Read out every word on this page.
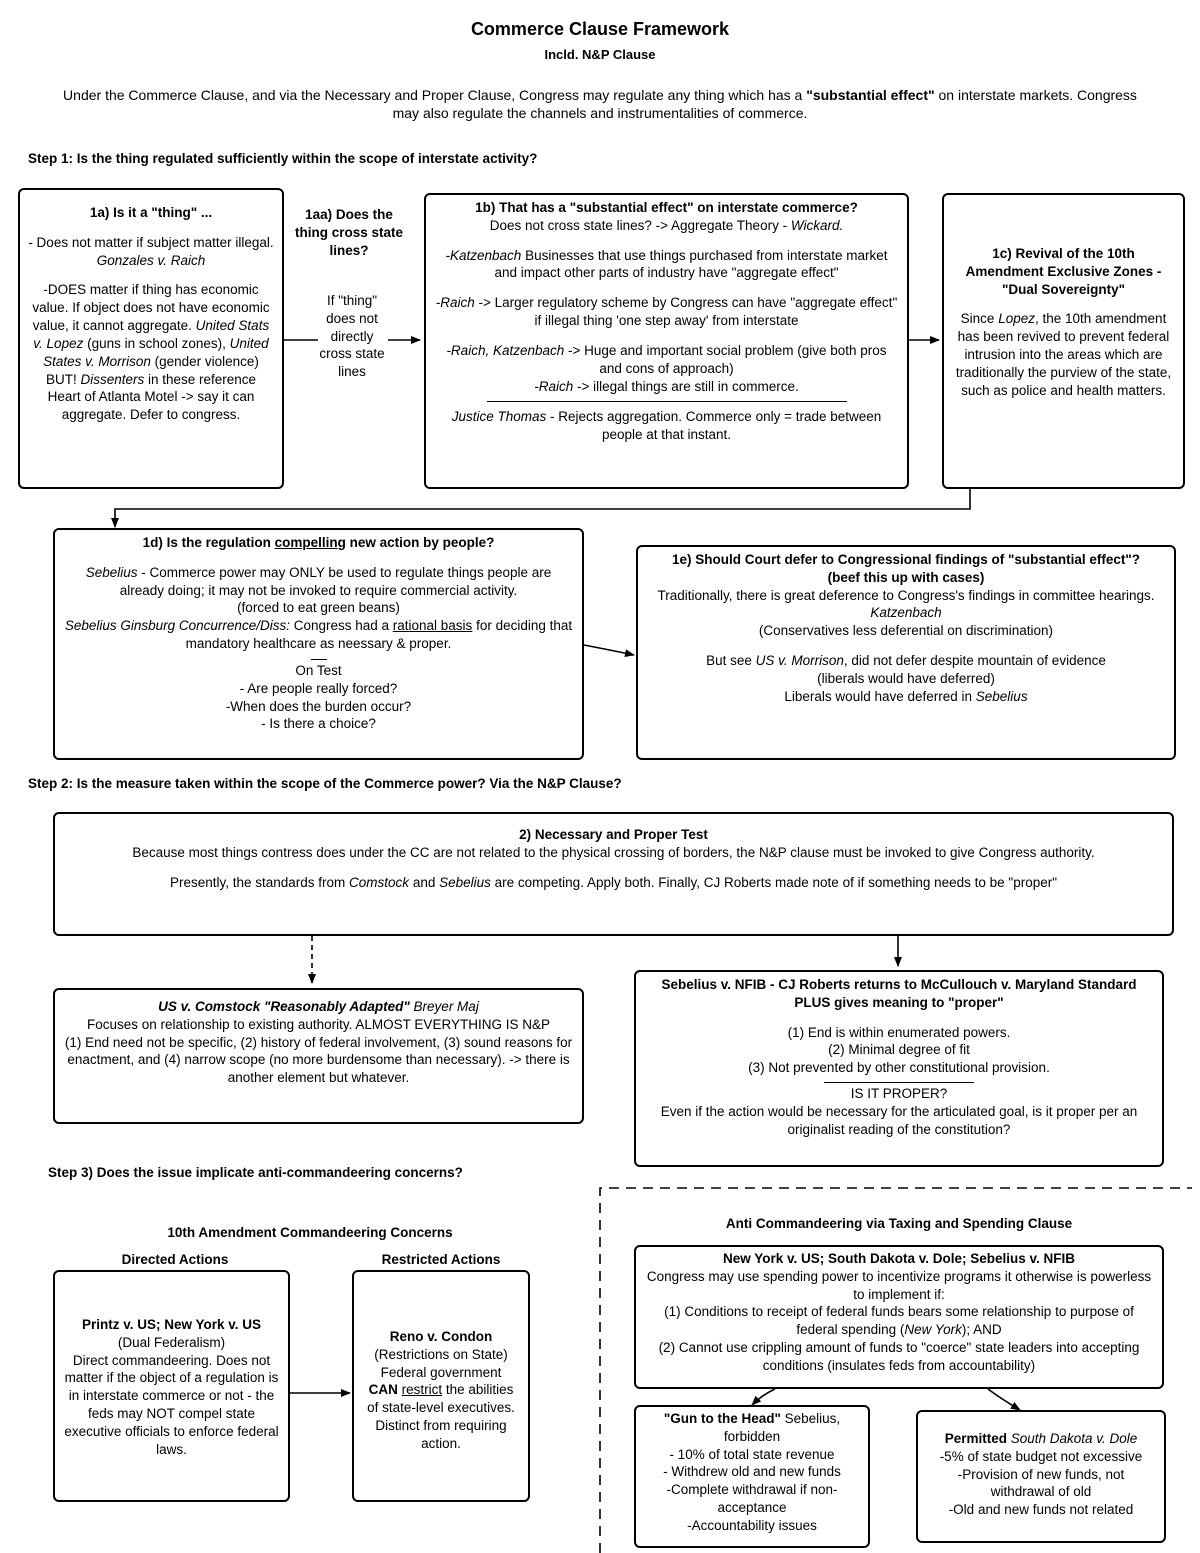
Commerce Clause Framework
Incld. N&P Clause
Under the Commerce Clause, and via the Necessary and Proper Clause, Congress may regulate any thing which has a "substantial effect" on interstate markets. Congress may also regulate the channels and instrumentalities of commerce.
Step 1: Is the thing regulated sufficiently within the scope of interstate activity?

1a) Is it a "thing" ...

- Does not matter if subject matter illegal. Gonzales v. Raich

-DOES matter if thing has economic value. If object does not have economic value, it cannot aggregate. United Stats v. Lopez (guns in school zones), United States v. Morrison (gender violence) BUT! Dissenters in these reference Heart of Atlanta Motel -> say it can aggregate. Defer to congress.

1aa) Does the thing cross state lines?

If "thing" does not directly cross state lines

1b) That has a "substantial effect" on interstate commerce?

Does not cross state lines? -> Aggregate Theory - Wickard.

-Katzenbach Businesses that use things purchased from interstate market and impact other parts of industry have "aggregate effect"

-Raich -> Larger regulatory scheme by Congress can have "aggregate effect" if illegal thing 'one step away' from interstate

-Raich, Katzenbach -> Huge and important social problem (give both pros and cons of approach)

-Raich -> illegal things are still in commerce.

Justice Thomas - Rejects aggregation. Commerce only = trade between people at that instant.

1c) Revival of the 10th Amendment Exclusive Zones - "Dual Sovereignty"

Since Lopez, the 10th amendment has been revived to prevent federal intrusion into the areas which are traditionally the purview of the state, such as police and health matters.

1d) Is the regulation compelling new action by people?

Sebelius - Commerce power may ONLY be used to regulate things people are already doing; it may not be invoked to require commercial activity.

(forced to eat green beans)

Sebelius Ginsburg Concurrence/Diss: Congress had a rational basis for deciding that mandatory healthcare as neessary & proper.

On Test

- Are people really forced?

-When does the burden occur?

- Is there a choice?

1e) Should Court defer to Congressional findings of "substantial effect"?

(beef this up with cases)

Traditionally, there is great deference to Congress's findings in committee hearings.

Katzenbach

(Conservatives less deferential on discrimination)

But see US v. Morrison, did not defer despite mountain of evidence

(liberals would have deferred)

Liberals would have deferred in Sebelius

Step 2: Is the measure taken within the scope of the Commerce power? Via the N&P Clause?

2) Necessary and Proper Test

Because most things contress does under the CC are not related to the physical crossing of borders, the N&P clause must be invoked to give Congress authority.

Presently, the standards from Comstock and Sebelius are competing. Apply both. Finally, CJ Roberts made note of if something needs to be "proper"

US v. Comstock "Reasonably Adapted" Breyer Maj

Focuses on relationship to existing authority. ALMOST EVERYTHING IS N&P

(1) End need not be specific, (2) history of federal involvement, (3) sound reasons for enactment, and (4) narrow scope (no more burdensome than necessary). -> there is another element but whatever.

Sebelius v. NFIB - CJ Roberts returns to McCullouch v. Maryland Standard PLUS gives meaning to "proper"

(1) End is within enumerated powers.

(2) Minimal degree of fit

(3) Not prevented by other constitutional provision.

IS IT PROPER?

Even if the action would be necessary for the articulated goal, is it proper per an originalist reading of the constitution?

Step 3) Does the issue implicate anti-commandeering concerns?
10th Amendment Commandeering Concerns
Directed Actions	Restricted Actions

Printz v. US; New York v. US

(Dual Federalism)

Direct commandeering. Does not matter if the object of a regulation is in interstate commerce or not - the feds may NOT compel state executive officials to enforce federal laws.

Reno v. Condon

(Restrictions on State)

Federal government

CAN restrict the abilities of state-level executives. Distinct from requiring action.

Anti Commandeering via Taxing and Spending Clause

New York v. US; South Dakota v. Dole; Sebelius v. NFIB

Congress may use spending power to incentivize programs it otherwise is powerless to implement if:

(1) Conditions to receipt of federal funds bears some relationship to purpose of federal spending (New York); AND

(2) Cannot use crippling amount of funds to "coerce" state leaders into accepting conditions (insulates feds from accountability)

"Gun to the Head" Sebelius, forbidden

- 10% of total state revenue

- Withdrew old and new funds

-Complete withdrawal if non-acceptance

-Accountability issues

Permitted South Dakota v. Dole

-5% of state budget not excessive

-Provision of new funds, not withdrawal of old

-Old and new funds not related
